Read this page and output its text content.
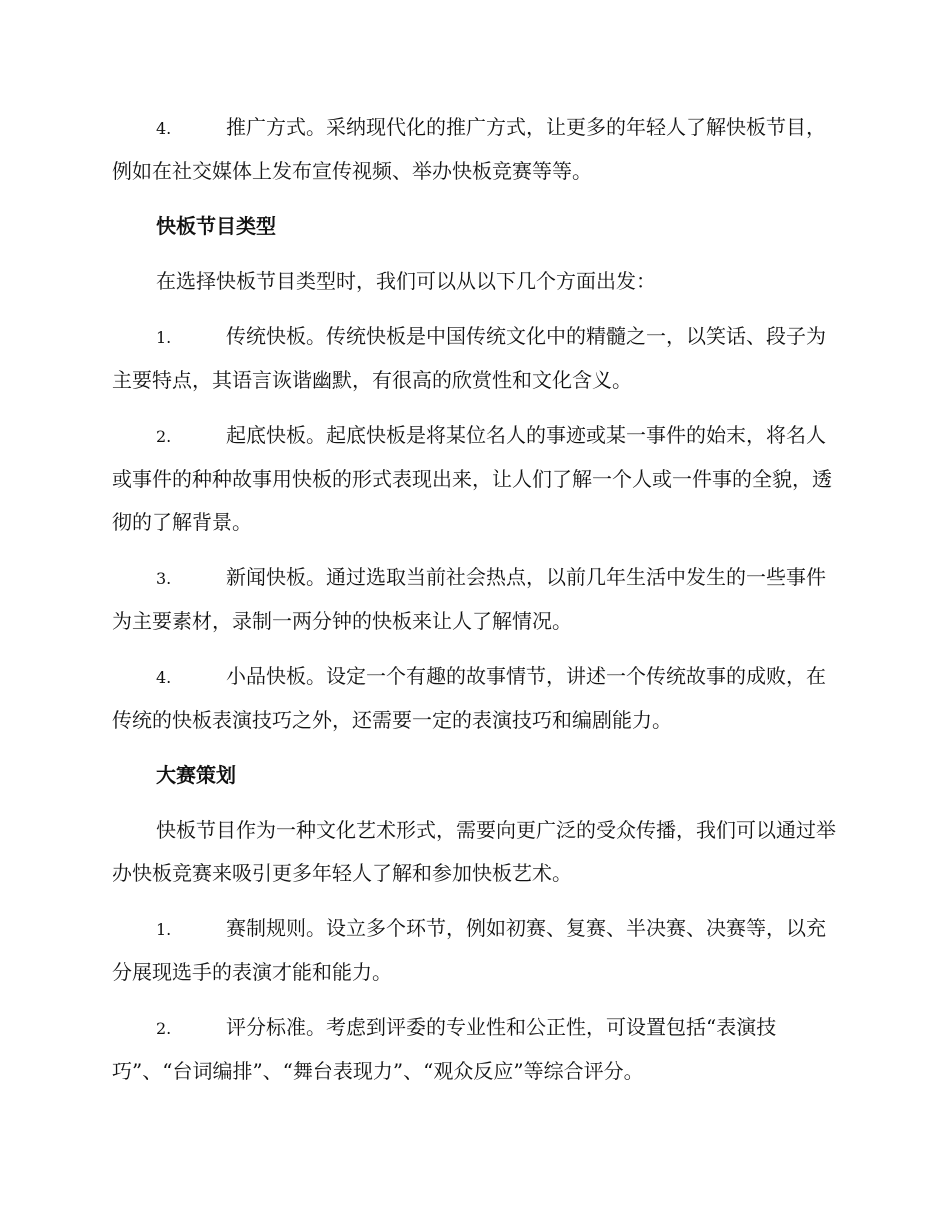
4.	推广方式。采纳现代化的推广方式，让更多的年轻人了解快板节目，例如在社交媒体上发布宣传视频、举办快板竞赛等等。

快板节目类型

在选择快板节目类型时，我们可以从以下几个方面出发：

1.	传统快板。传统快板是中国传统文化中的精髓之一，以笑话、段子为主要特点，其语言诙谐幽默，有很高的欣赏性和文化含义。

2.	起底快板。起底快板是将某位名人的事迹或某一事件的始末，将名人或事件的种种故事用快板的形式表现出来，让人们了解一个人或一件事的全貌，透彻的了解背景。

3.	新闻快板。通过选取当前社会热点，以前几年生活中发生的一些事件为主要素材，录制一两分钟的快板来让人了解情况。

4.	小品快板。设定一个有趣的故事情节，讲述一个传统故事的成败，在传统的快板表演技巧之外，还需要一定的表演技巧和编剧能力。

大赛策划

快板节目作为一种文化艺术形式，需要向更广泛的受众传播，我们可以通过举办快板竞赛来吸引更多年轻人了解和参加快板艺术。

1.	赛制规则。设立多个环节，例如初赛、复赛、半决赛、决赛等，以充分展现选手的表演才能和能力。

2.	评分标准。考虑到评委的专业性和公正性，可设置包括“表演技巧”、“台词编排”、“舞台表现力”、“观众反应”等综合评分。
